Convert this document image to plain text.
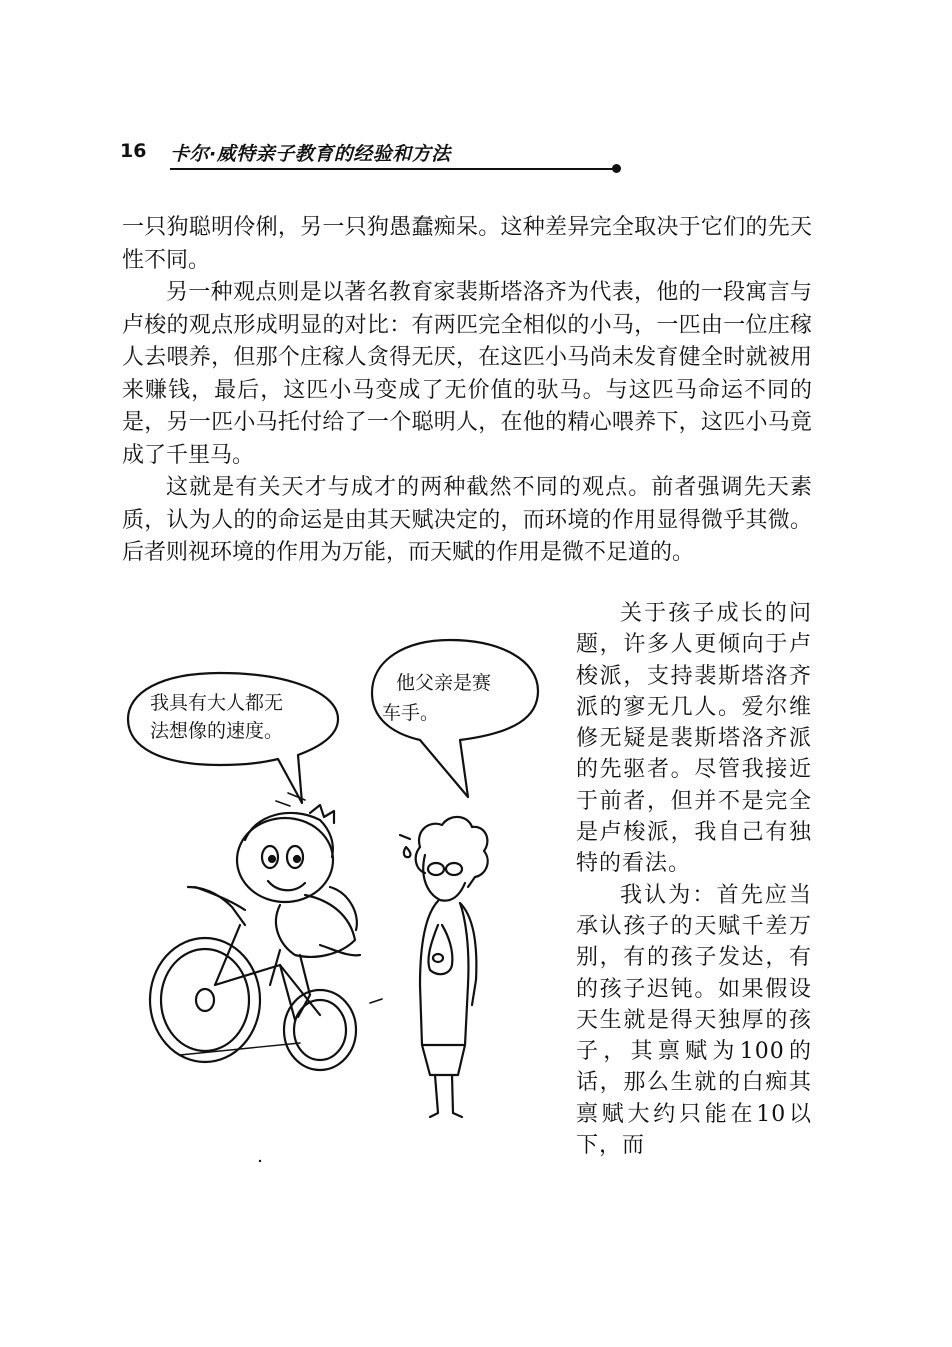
16 卡尔·威特亲子教育的经验和方法

一只狗聪明伶俐，另一只狗愚蠢痴呆。这种差异完全取决于它们的先天性不同。

另一种观点则是以著名教育家裴斯塔洛齐为代表，他的一段寓言与卢梭的观点形成明显的对比：有两匹完全相似的小马，一匹由一位庄稼人去喂养，但那个庄稼人贪得无厌，在这匹小马尚未发育健全时就被用来赚钱，最后，这匹小马变成了无价值的驮马。与这匹马命运不同的是，另一匹小马托付给了一个聪明人，在他的精心喂养下，这匹小马竟成了千里马。

这就是有关天才与成才的两种截然不同的观点。前者强调先天素质，认为人的的命运是由其天赋决定的，而环境的作用显得微乎其微。后者则视环境的作用为万能，而天赋的作用是微不足道的。

关于孩子成长的问题，许多人更倾向于卢梭派，支持裴斯塔洛齐派的寥无几人。爱尔维修无疑是裴斯塔洛齐派的先驱者。尽管我接近于前者，但并不是完全是卢梭派，我自己有独特的看法。

我认为：首先应当承认孩子的天赋千差万别，有的孩子发达，有的孩子迟钝。如果假设天生就是得天独厚的孩子，其禀赋为100的话，那么生就的白痴其禀赋大约只能在10以下，而

我具有大人都无
法想像的速度。
他父亲是赛
车手。
